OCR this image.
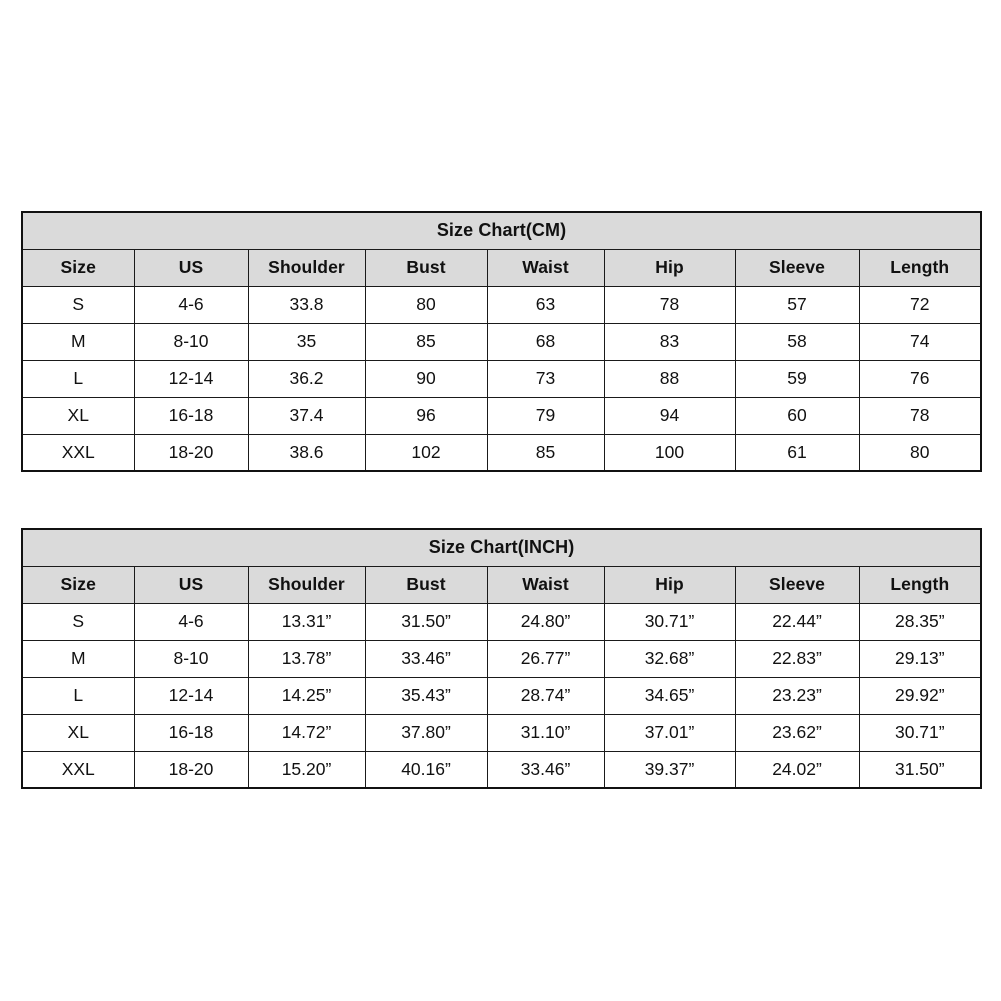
Size Chart(CM)							
Size	US	Shoulder	Bust	Waist	Hip	Sleeve	Length
S	4-6	33.8	80	63	78	57	72
M	8-10	35	85	68	83	58	74
L	12-14	36.2	90	73	88	59	76
XL	16-18	37.4	96	79	94	60	78
XXL	18-20	38.6	102	85	100	61	80
Size Chart(INCH)							
Size	US	Shoulder	Bust	Waist	Hip	Sleeve	Length
S	4-6	13.31”	31.50”	24.80”	30.71”	22.44”	28.35”
M	8-10	13.78”	33.46”	26.77”	32.68”	22.83”	29.13”
L	12-14	14.25”	35.43”	28.74”	34.65”	23.23”	29.92”
XL	16-18	14.72”	37.80”	31.10”	37.01”	23.62”	30.71”
XXL	18-20	15.20”	40.16”	33.46”	39.37”	24.02”	31.50”
